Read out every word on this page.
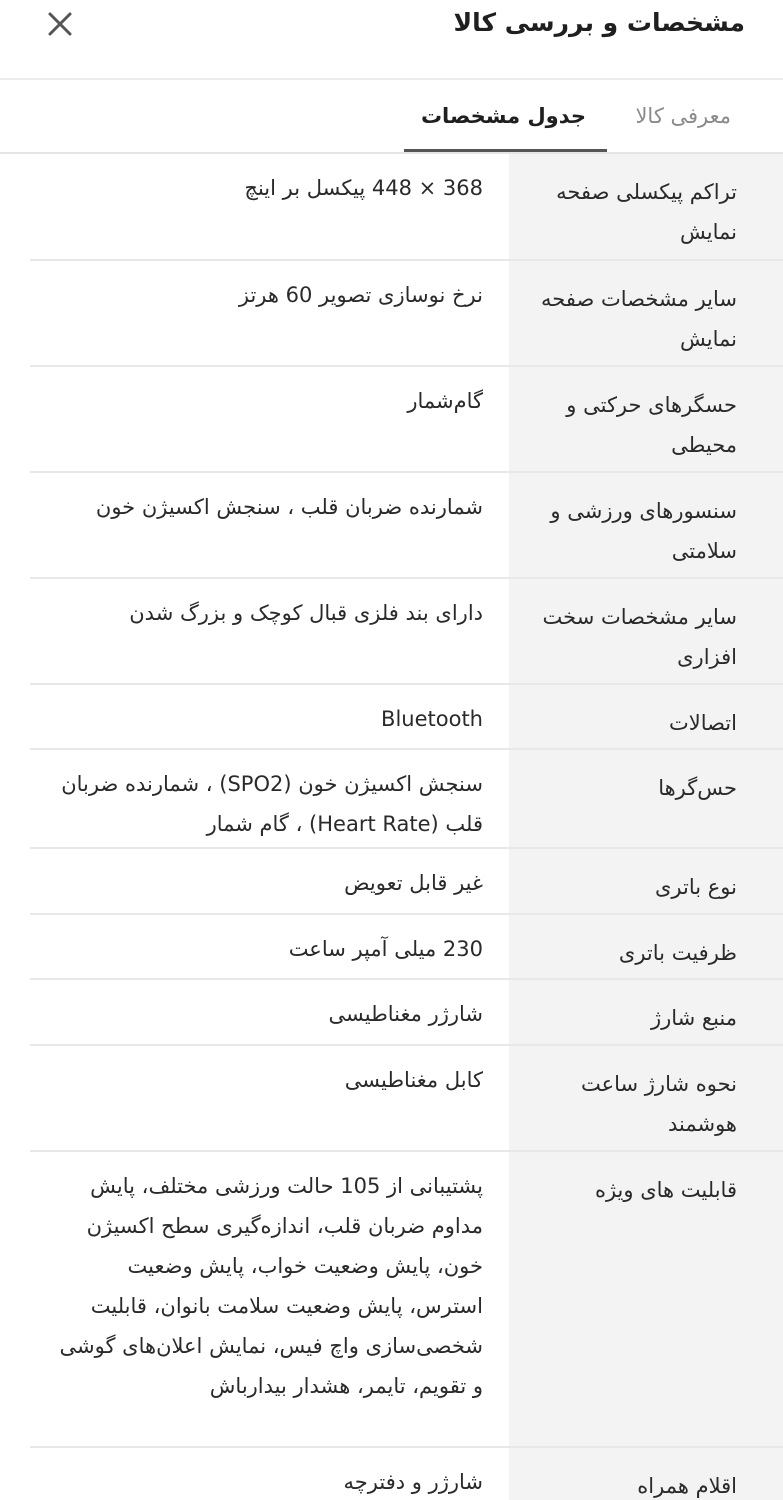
مشخصات و بررسی کالا
معرفی کالا
جدول مشخصات
تراکم پیکسلی صفحه نمایش
368 × 448 پیکسل بر اینچ
سایر مشخصات صفحه نمایش
نرخ نوسازی تصویر 60 هرتز
حسگرهای حرکتی و محیطی
گام‌شمار
سنسورهای ورزشی و سلامتی
شمارنده ضربان قلب ، سنجش اکسیژن خون
سایر مشخصات سخت افزاری
دارای بند فلزی قبال کوچک و بزرگ شدن
اتصالات
Bluetooth
حس‌گرها
سنجش اکسیژن خون (SPO2) ، شمارنده ضربان قلب (Heart Rate) ، گام شمار
نوع باتری
غیر قابل تعویض
ظرفیت باتری
230 میلی آمپر ساعت
منبع شارژ
شارژر مغناطیسی
نحوه شارژ ساعت هوشمند
کابل مغناطیسی
قابلیت های ویژه
پشتیبانی از 105 حالت ورزشی مختلف، پایش مداوم ضربان قلب، اندازه‌گیری سطح اکسیژن خون، پایش وضعیت خواب، پایش وضعیت استرس، پایش وضعیت سلامت بانوان، قابلیت شخصی‌سازی واچ فیس، نمایش اعلان‌های گوشی و تقویم، تایمر، هشدار بیدارباش
اقلام همراه
شارژر و دفترچه
